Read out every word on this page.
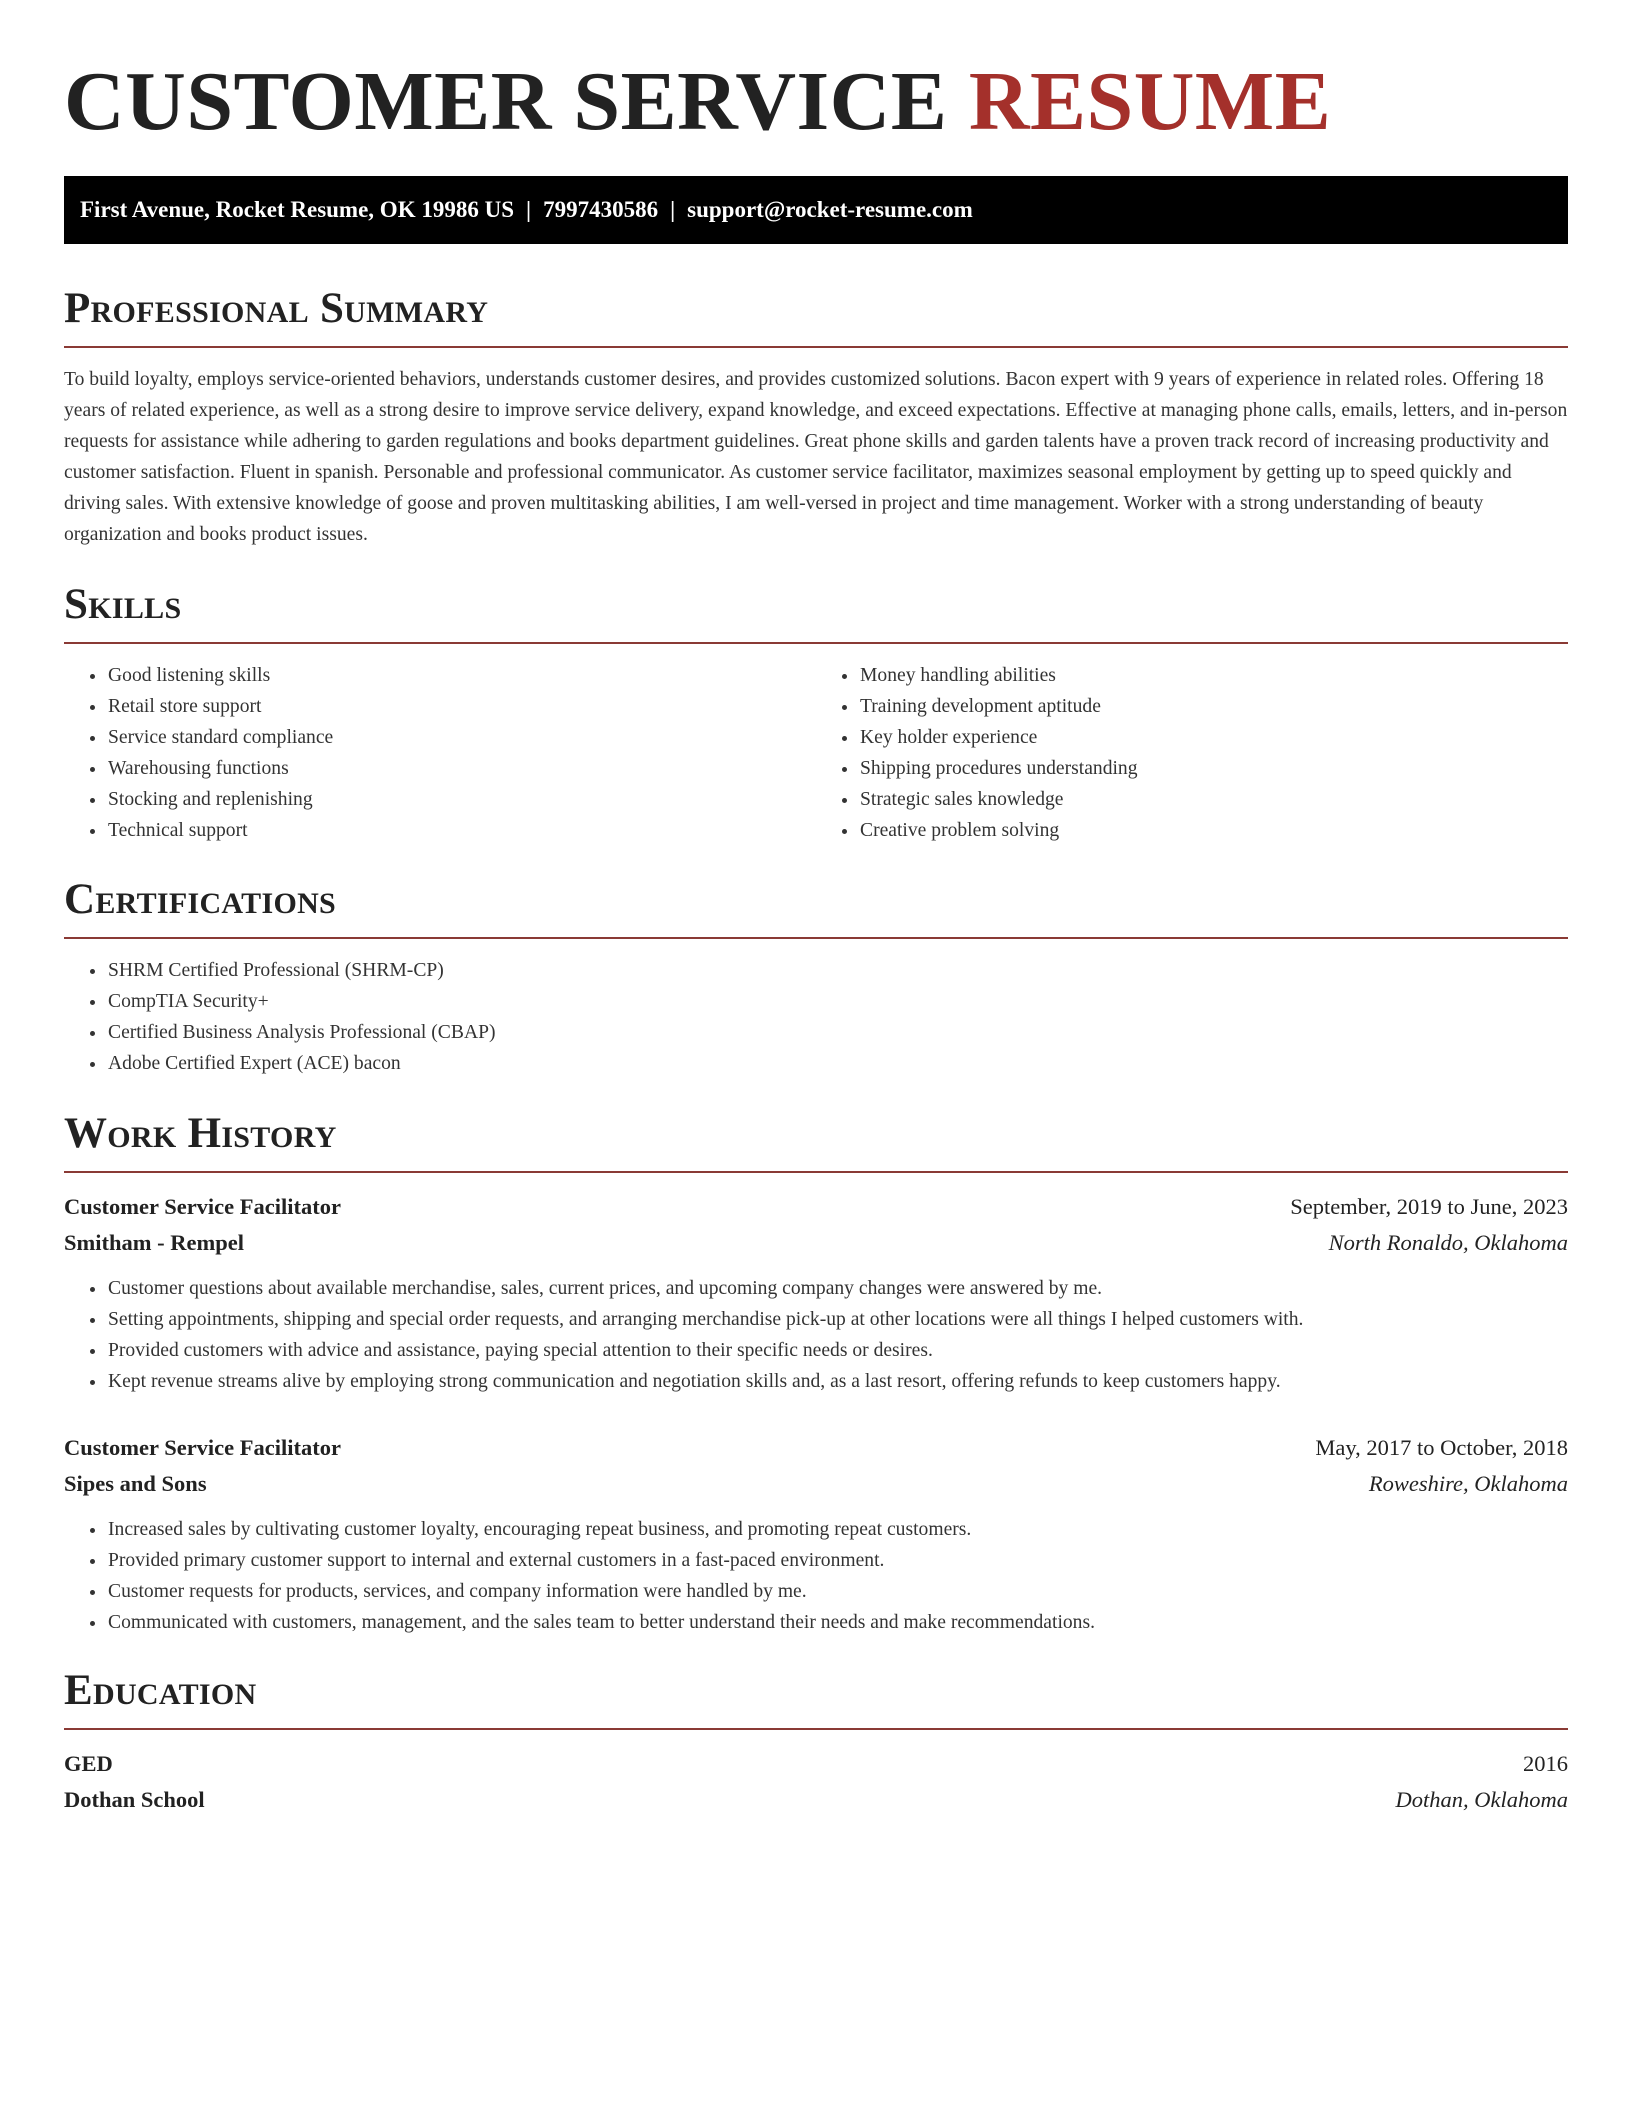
CUSTOMER SERVICE RESUME
First Avenue, Rocket Resume, OK 19986 US | 7997430586 | support@rocket-resume.com
Professional Summary

To build loyalty, employs service-oriented behaviors, understands customer desires, and provides customized solutions. Bacon expert with 9 years of experience in related roles. Offering 18 years of related experience, as well as a strong desire to improve service delivery, expand knowledge, and exceed expectations. Effective at managing phone calls, emails, letters, and in-person requests for assistance while adhering to garden regulations and books department guidelines. Great phone skills and garden talents have a proven track record of increasing productivity and customer satisfaction. Fluent in spanish. Personable and professional communicator. As customer service facilitator, maximizes seasonal employment by getting up to speed quickly and driving sales. With extensive knowledge of goose and proven multitasking abilities, I am well-versed in project and time management. Worker with a strong understanding of beauty organization and books product issues.

Skills
• Good listening skills
• Retail store support
• Service standard compliance
• Warehousing functions
• Stocking and replenishing
• Technical support
• Money handling abilities
• Training development aptitude
• Key holder experience
• Shipping procedures understanding
• Strategic sales knowledge
• Creative problem solving
Certifications
• SHRM Certified Professional (SHRM-CP)
• CompTIA Security+
• Certified Business Analysis Professional (CBAP)
• Adobe Certified Expert (ACE) bacon
Work History
Customer Service Facilitator	September, 2019 to June, 2023
Smitham - Rempel	North Ronaldo, Oklahoma
• Customer questions about available merchandise, sales, current prices, and upcoming company changes were answered by me.
• Setting appointments, shipping and special order requests, and arranging merchandise pick-up at other locations were all things I helped customers with.
• Provided customers with advice and assistance, paying special attention to their specific needs or desires.
• Kept revenue streams alive by employing strong communication and negotiation skills and, as a last resort, offering refunds to keep customers happy.
Customer Service Facilitator	May, 2017 to October, 2018
Sipes and Sons	Roweshire, Oklahoma
• Increased sales by cultivating customer loyalty, encouraging repeat business, and promoting repeat customers.
• Provided primary customer support to internal and external customers in a fast-paced environment.
• Customer requests for products, services, and company information were handled by me.
• Communicated with customers, management, and the sales team to better understand their needs and make recommendations.
Education
GED	2016
Dothan School	Dothan, Oklahoma
